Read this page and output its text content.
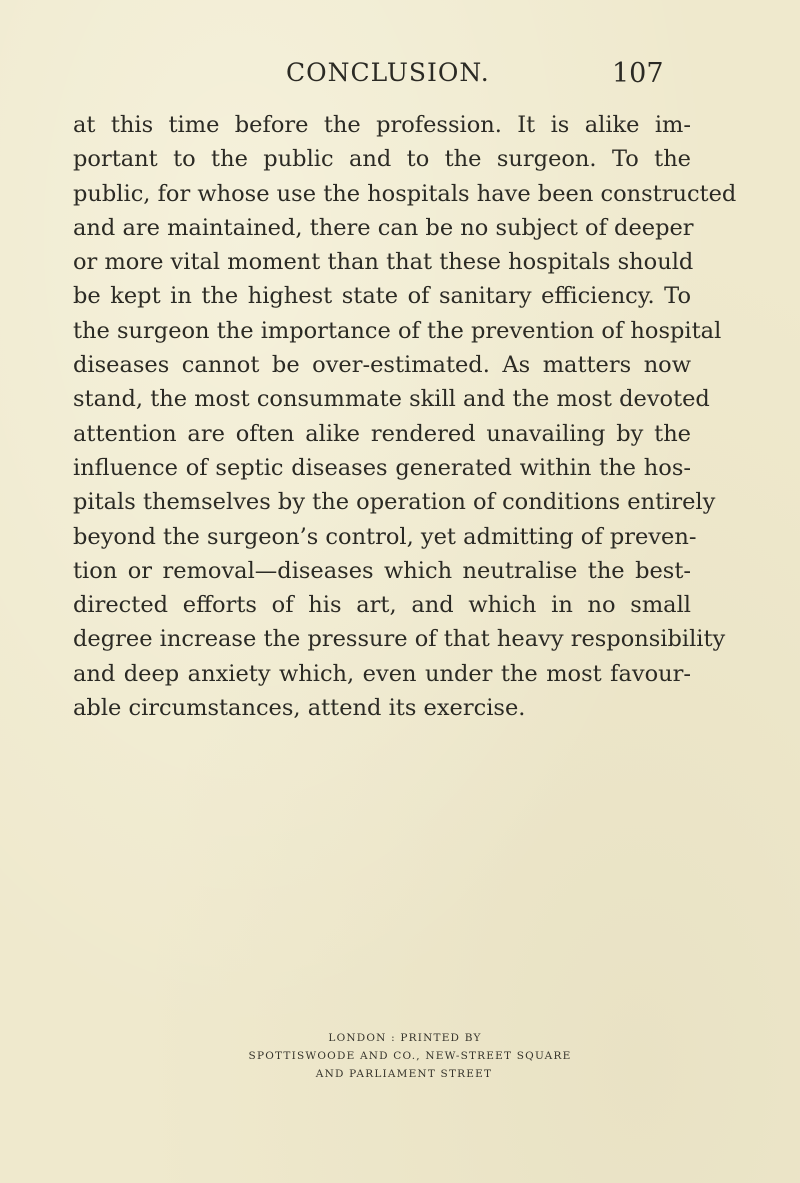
CONCLUSION.	107

at this time before the profession. It is alike im-
portant to the public and to the surgeon. To the
public, for whose use the hospitals have been constructed
and are maintained, there can be no subject of deeper
or more vital moment than that these hospitals should
be kept in the highest state of sanitary efficiency. To
the surgeon the importance of the prevention of hospital
diseases cannot be over-estimated. As matters now
stand, the most consummate skill and the most devoted
attention are often alike rendered unavailing by the
influence of septic diseases generated within the hos-
pitals themselves by the operation of conditions entirely
beyond the surgeon’s control, yet admitting of preven-
tion or removal—diseases which neutralise the best-
directed efforts of his art, and which in no small
degree increase the pressure of that heavy responsibility
and deep anxiety which, even under the most favour-
able circumstances, attend its exercise.

LONDON : PRINTED BY
SPOTTISWOODE AND CO., NEW-STREET SQUARE
AND PARLIAMENT STREET
